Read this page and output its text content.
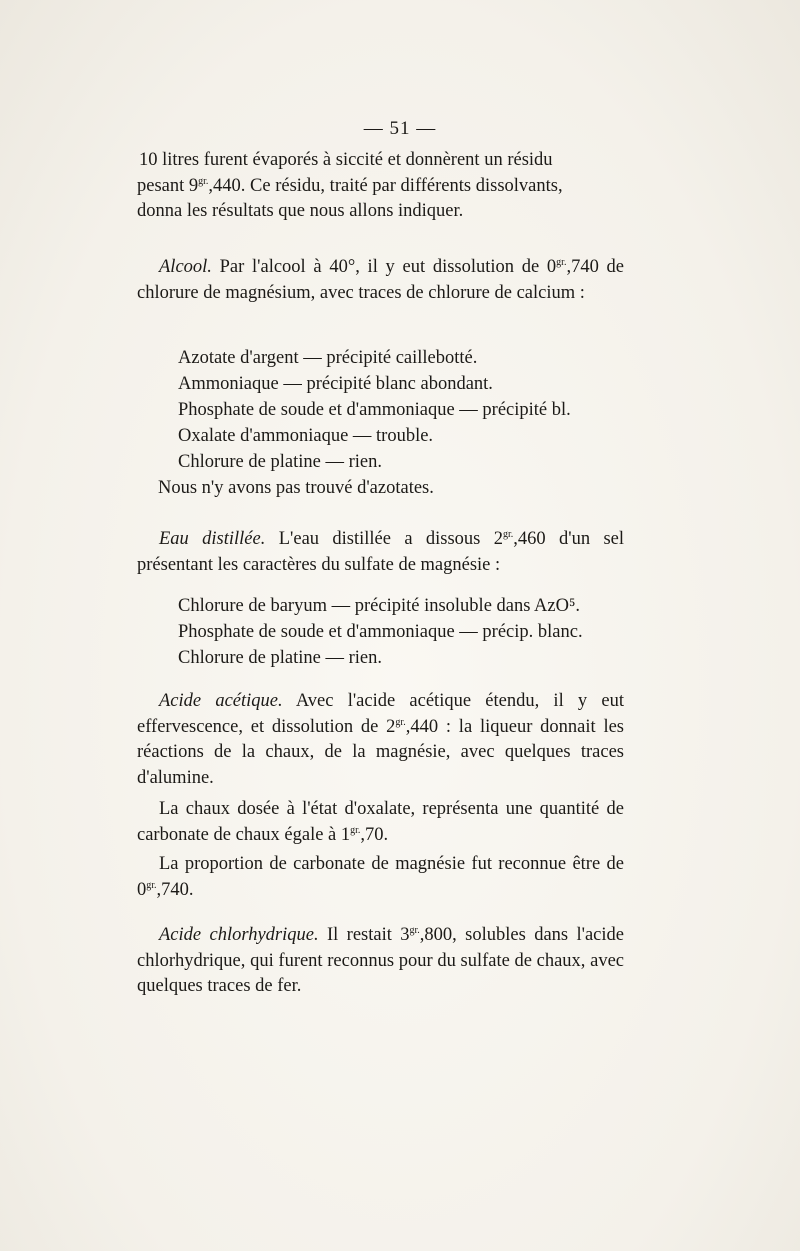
— 51 —
10 litres furent évaporés à siccité et donnèrent un résidu
pesant $9^{gr.},440$. Ce résidu, traité par différents dissolvants,
donna les résultats que nous allons indiquer.

Alcool. Par l'alcool à 40°, il y eut dissolution de $0^{gr.},740$ de chlorure de magnésium, avec traces de chlorure de calcium :

Azotate d'argent — précipité caillebotté.
Ammoniaque — précipité blanc abondant.
Phosphate de soude et d'ammoniaque — précipité bl.
Oxalate d'ammoniaque — trouble.
Chlorure de platine — rien.

Nous n'y avons pas trouvé d'azotates.

Eau distillée. L'eau distillée a dissous $2^{gr.},460$ d'un sel présentant les caractères du sulfate de magnésie :

Chlorure de baryum — précipité insoluble dans AzO⁵.
Phosphate de soude et d'ammoniaque — précip. blanc.
Chlorure de platine — rien.

Acide acétique. Avec l'acide acétique étendu, il y eut effervescence, et dissolution de $2^{gr.},440$ : la liqueur donnait les réactions de la chaux, de la magnésie, avec quelques traces d'alumine.

La chaux dosée à l'état d'oxalate, représenta une quantité de carbonate de chaux égale à $1^{gr.},70$.

La proportion de carbonate de magnésie fut reconnue être de $0^{gr.},740$.

Acide chlorhydrique. Il restait $3^{gr.},800$, solubles dans l'acide chlorhydrique, qui furent reconnus pour du sulfate de chaux, avec quelques traces de fer.
